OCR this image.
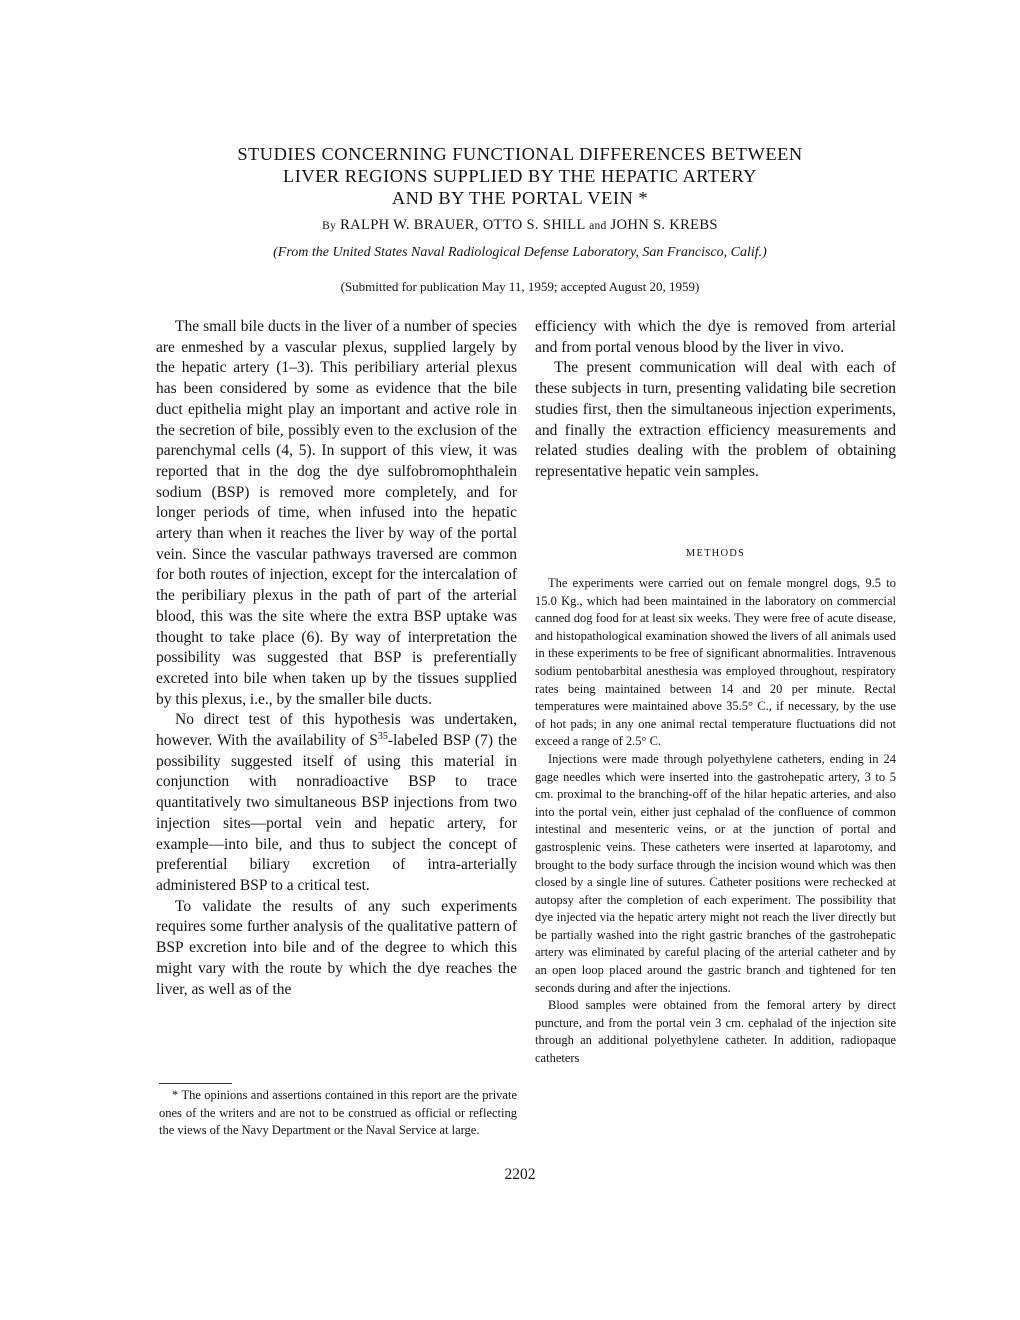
STUDIES CONCERNING FUNCTIONAL DIFFERENCES BETWEEN
LIVER REGIONS SUPPLIED BY THE HEPATIC ARTERY
AND BY THE PORTAL VEIN *
By RALPH W. BRAUER, OTTO S. SHILL and JOHN S. KREBS
(From the United States Naval Radiological Defense Laboratory, San Francisco, Calif.)
(Submitted for publication May 11, 1959; accepted August 20, 1959)

The small bile ducts in the liver of a number of species are enmeshed by a vascular plexus, supplied largely by the hepatic artery (1–3). This peribiliary arterial plexus has been considered by some as evidence that the bile duct epithelia might play an important and active role in the secretion of bile, possibly even to the exclusion of the parenchymal cells (4, 5). In support of this view, it was reported that in the dog the dye sulfobromophthalein sodium (BSP) is removed more completely, and for longer periods of time, when infused into the hepatic artery than when it reaches the liver by way of the portal vein. Since the vascular pathways traversed are common for both routes of injection, except for the intercalation of the peribiliary plexus in the path of part of the arterial blood, this was the site where the extra BSP uptake was thought to take place (6). By way of interpretation the possibility was suggested that BSP is preferentially excreted into bile when taken up by the tissues supplied by this plexus, i.e., by the smaller bile ducts.

No direct test of this hypothesis was undertaken, however. With the availability of $S^{35}$-labeled BSP (7) the possibility suggested itself of using this material in conjunction with nonradioactive BSP to trace quantitatively two simultaneous BSP injections from two injection sites—portal vein and hepatic artery, for example—into bile, and thus to subject the concept of preferential biliary excretion of intra-arterially administered BSP to a critical test.

To validate the results of any such experiments requires some further analysis of the qualitative pattern of BSP excretion into bile and of the degree to which this might vary with the route by which the dye reaches the liver, as well as of the

* The opinions and assertions contained in this report are the private ones of the writers and are not to be construed as official or reflecting the views of the Navy Department or the Naval Service at large.

efficiency with which the dye is removed from arterial and from portal venous blood by the liver in vivo.

The present communication will deal with each of these subjects in turn, presenting validating bile secretion studies first, then the simultaneous injection experiments, and finally the extraction efficiency measurements and related studies dealing with the problem of obtaining representative hepatic vein samples.

METHODS

The experiments were carried out on female mongrel dogs, 9.5 to 15.0 Kg., which had been maintained in the laboratory on commercial canned dog food for at least six weeks. They were free of acute disease, and histopathological examination showed the livers of all animals used in these experiments to be free of significant abnormalities. Intravenous sodium pentobarbital anesthesia was employed throughout, respiratory rates being maintained between 14 and 20 per minute. Rectal temperatures were maintained above 35.5° C., if necessary, by the use of hot pads; in any one animal rectal temperature fluctuations did not exceed a range of 2.5° C.

Injections were made through polyethylene catheters, ending in 24 gage needles which were inserted into the gastrohepatic artery, 3 to 5 cm. proximal to the branching-off of the hilar hepatic arteries, and also into the portal vein, either just cephalad of the confluence of common intestinal and mesenteric veins, or at the junction of portal and gastrosplenic veins. These catheters were inserted at laparotomy, and brought to the body surface through the incision wound which was then closed by a single line of sutures. Catheter positions were rechecked at autopsy after the completion of each experiment. The possibility that dye injected via the hepatic artery might not reach the liver directly but be partially washed into the right gastric branches of the gastrohepatic artery was eliminated by careful placing of the arterial catheter and by an open loop placed around the gastric branch and tightened for ten seconds during and after the injections.

Blood samples were obtained from the femoral artery by direct puncture, and from the portal vein 3 cm. cephalad of the injection site through an additional polyethylene catheter. In addition, radiopaque catheters

2202
